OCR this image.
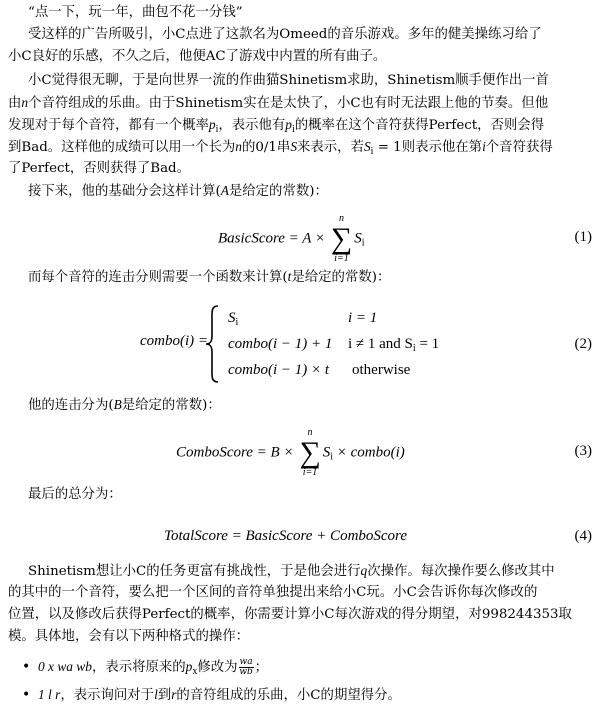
“点一下，玩一年，曲包不花一分钱”
受这样的广告所吸引，小C点进了这款名为Omeed的音乐游戏。多年的健美操练习给了
小C良好的乐感，不久之后，他便AC了游戏中内置的所有曲子。
小C觉得很无聊，于是向世界一流的作曲猫Shinetism求助，Shinetism顺手便作出一首
由n个音符组成的乐曲。由于Shinetism实在是太快了，小C也有时无法跟上他的节奏。但他
发现对于每个音符，都有一个概率$p_i$，表示他有$p_i$的概率在这个音符获得Perfect，否则会得
到Bad。这样他的成绩可以用一个长为n的0/1串S来表示，若$S_i = 1$则表示他在第i个音符获得
了Perfect，否则获得了Bad。
接下来，他的基础分会这样计算(A是给定的常数)：
BasicScore = A ×
n
∑
i=1
$S_i$	(1)
而每个音符的连击分则需要一个函数来计算(t是给定的常数)：
combo(i) =
$S_i$	i = 1
combo(i − 1) + 1 i ≠ 1 and $S_i = 1$
combo(i − 1) × t otherwise
(2)
他的连击分为(B是给定的常数)：
ComboScore = B ×
n
∑
i=1
$S_i$ × combo(i)	(3)
最后的总分为：
TotalScore = BasicScore + ComboScore	(4)
Shinetism想让小C的任务更富有挑战性，于是他会进行q次操作。每次操作要么修改其中
的其中的一个音符，要么把一个区间的音符单独提出来给小C玩。小C会告诉你每次修改的
位置，以及修改后获得Perfect的概率，你需要计算小C每次游戏的得分期望，对998244353取
模。具体地，会有以下两种格式的操作：
• 0 x wa wb，表示将原来的$p_x$修改为 $\frac{wa}{wb}$ ；
• 1 l r，表示询问对于l到r的音符组成的乐曲，小C的期望得分。
